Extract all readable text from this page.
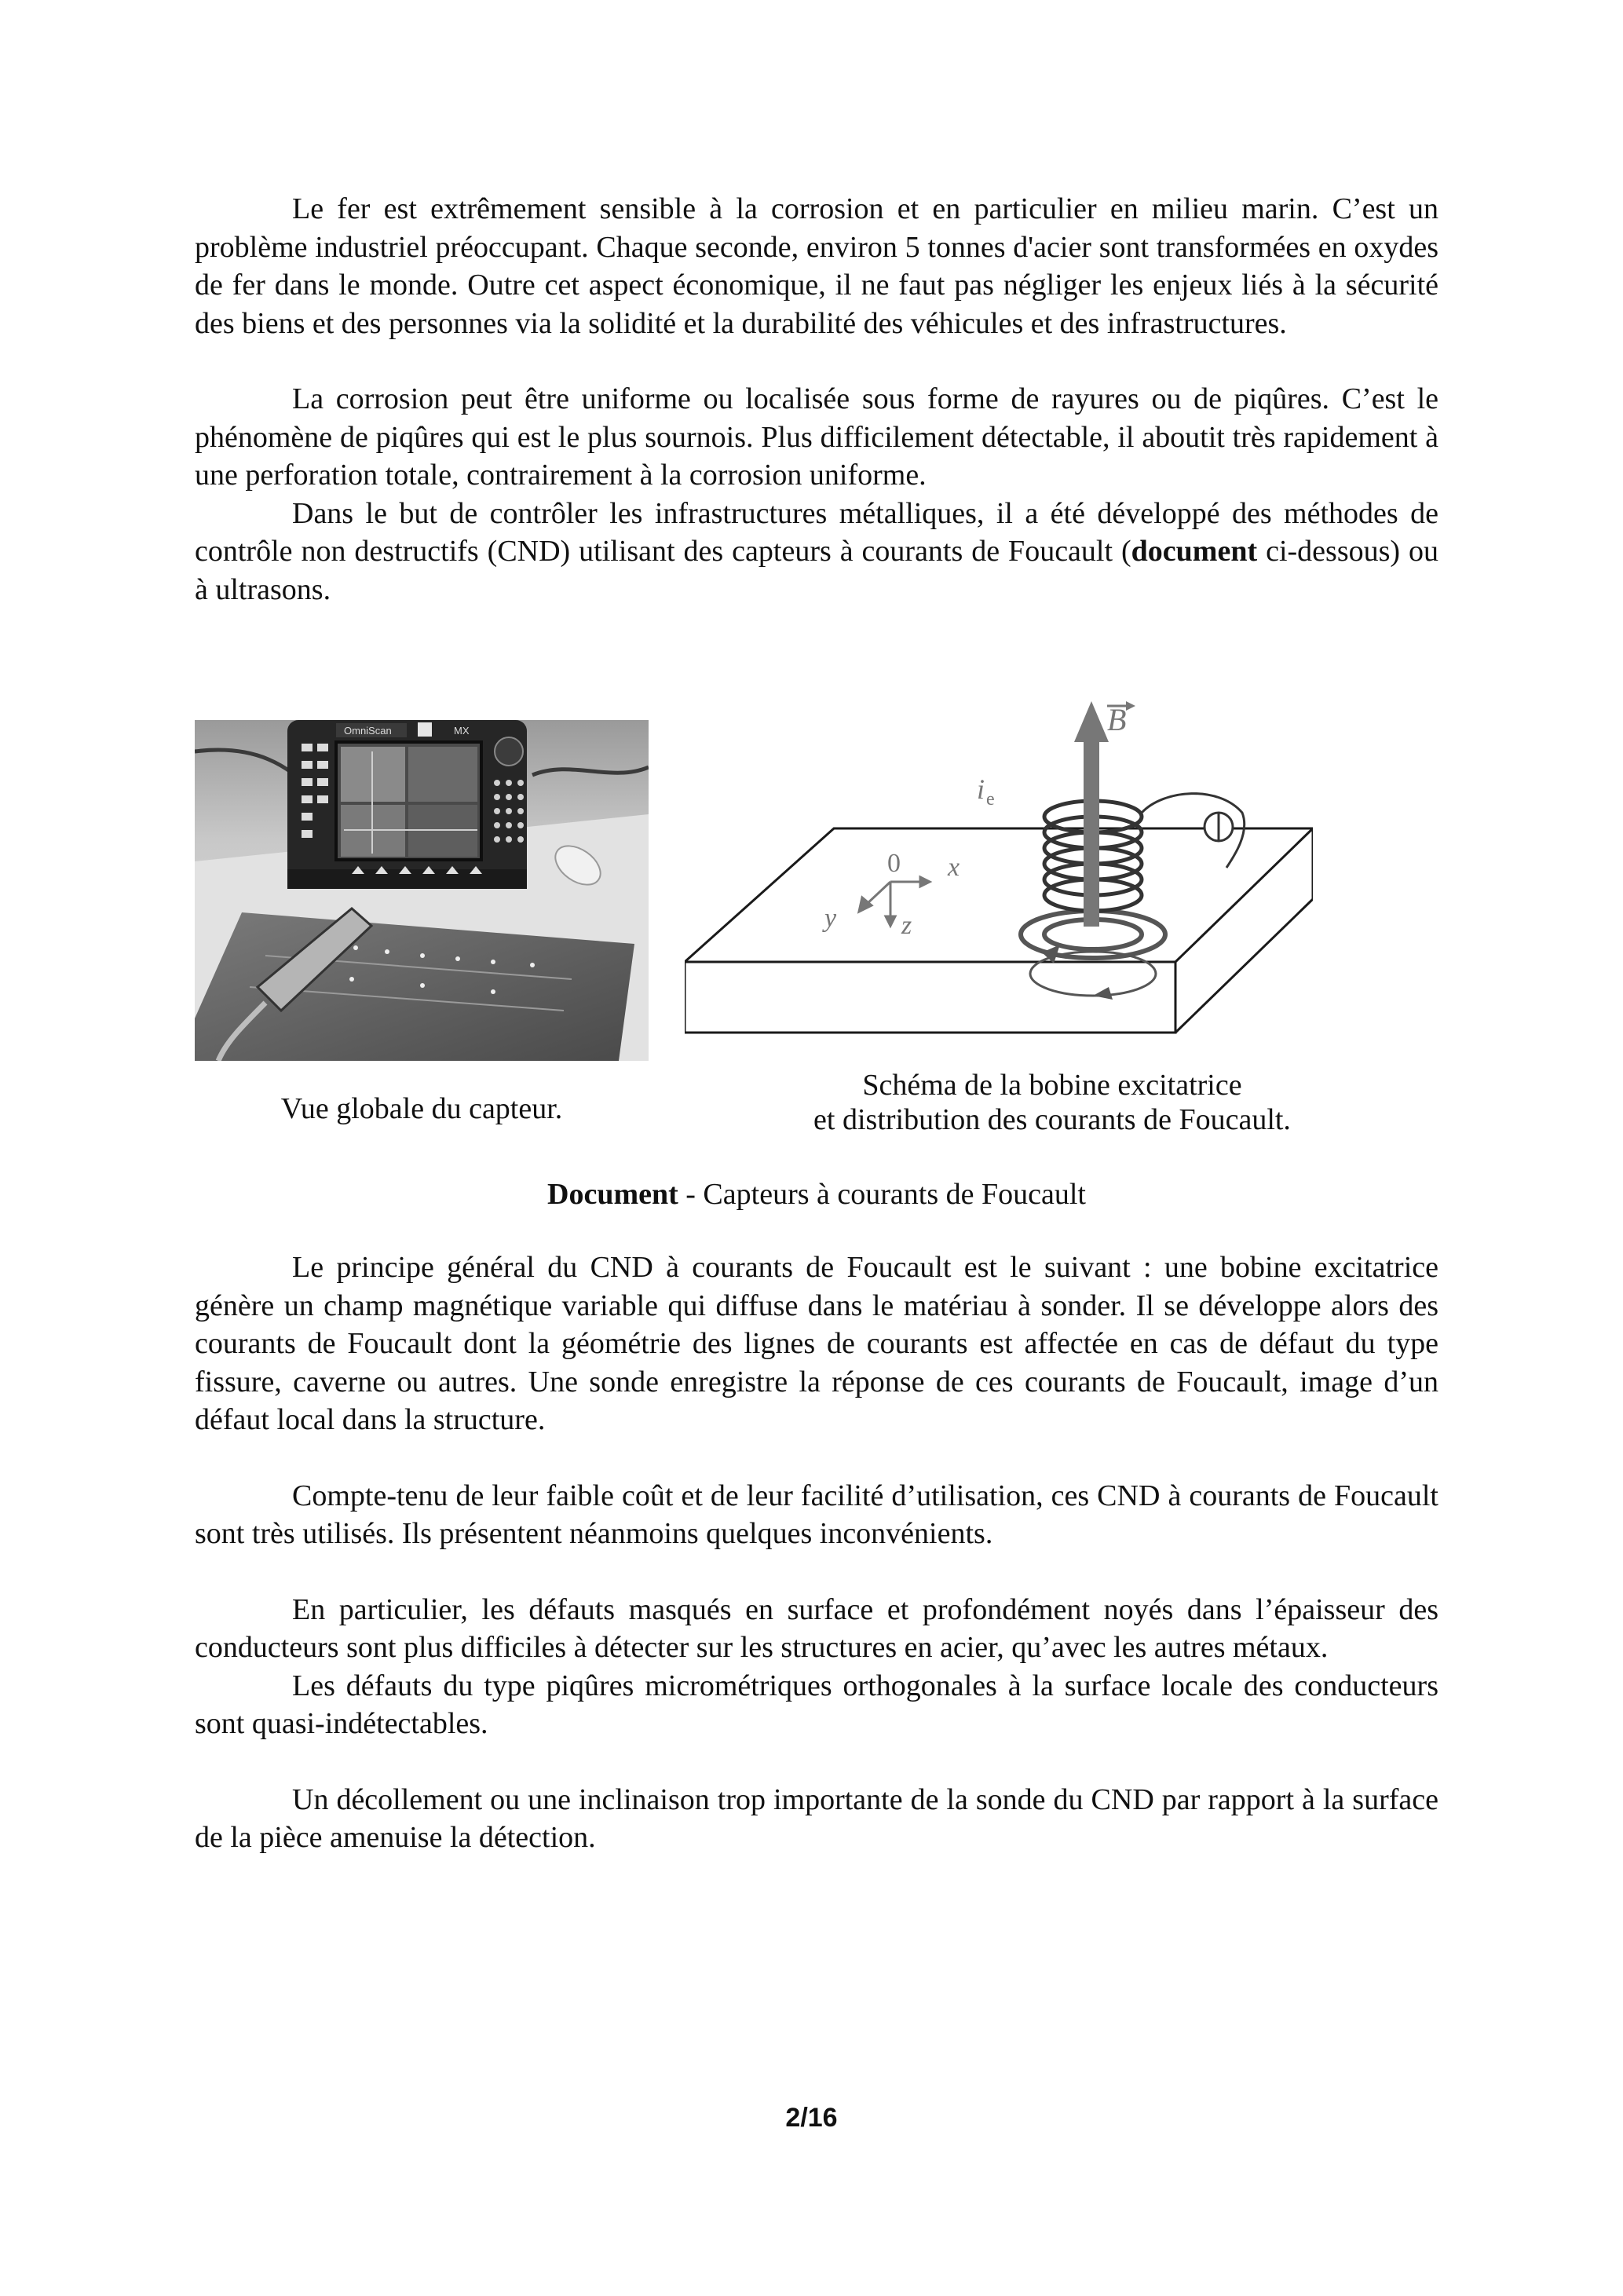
Le fer est extrêmement sensible à la corrosion et en particulier en milieu marin. C’est un problème industriel préoccupant. Chaque seconde, environ 5 tonnes d'acier sont transformées en oxydes de fer dans le monde. Outre cet aspect économique, il ne faut pas négliger les enjeux liés à la sécurité des biens et des personnes via la solidité et la durabilité des véhicules et des infrastructures.

La corrosion peut être uniforme ou localisée sous forme de rayures ou de piqûres. C’est le phénomène de piqûres qui est le plus sournois. Plus difficilement détectable, il aboutit très rapidement à une perforation totale, contrairement à la corrosion uniforme.

Dans le but de contrôler les infrastructures métalliques, il a été développé des méthodes de contrôle non destructifs (CND) utilisant des capteurs à courants de Foucault (document ci-dessous) ou à ultrasons.

OmniScan	MX
0 x
y z
B
i e
Vue globale du capteur.
Schéma de la bobine excitatrice
et distribution des courants de Foucault.
Document - Capteurs à courants de Foucault

Le principe général du CND à courants de Foucault est le suivant : une bobine excitatrice génère un champ magnétique variable qui diffuse dans le matériau à sonder. Il se développe alors des courants de Foucault dont la géométrie des lignes de courants est affectée en cas de défaut du type fissure, caverne ou autres. Une sonde enregistre la réponse de ces courants de Foucault, image d’un défaut local dans la structure.

Compte-tenu de leur faible coût et de leur facilité d’utilisation, ces CND à courants de Foucault sont très utilisés. Ils présentent néanmoins quelques inconvénients.

En particulier, les défauts masqués en surface et profondément noyés dans l’épaisseur des conducteurs sont plus difficiles à détecter sur les structures en acier, qu’avec les autres métaux.

Les défauts du type piqûres micrométriques orthogonales à la surface locale des conducteurs sont quasi-indétectables.

Un décollement ou une inclinaison trop importante de la sonde du CND par rapport à la surface de la pièce amenuise la détection.

2/16
